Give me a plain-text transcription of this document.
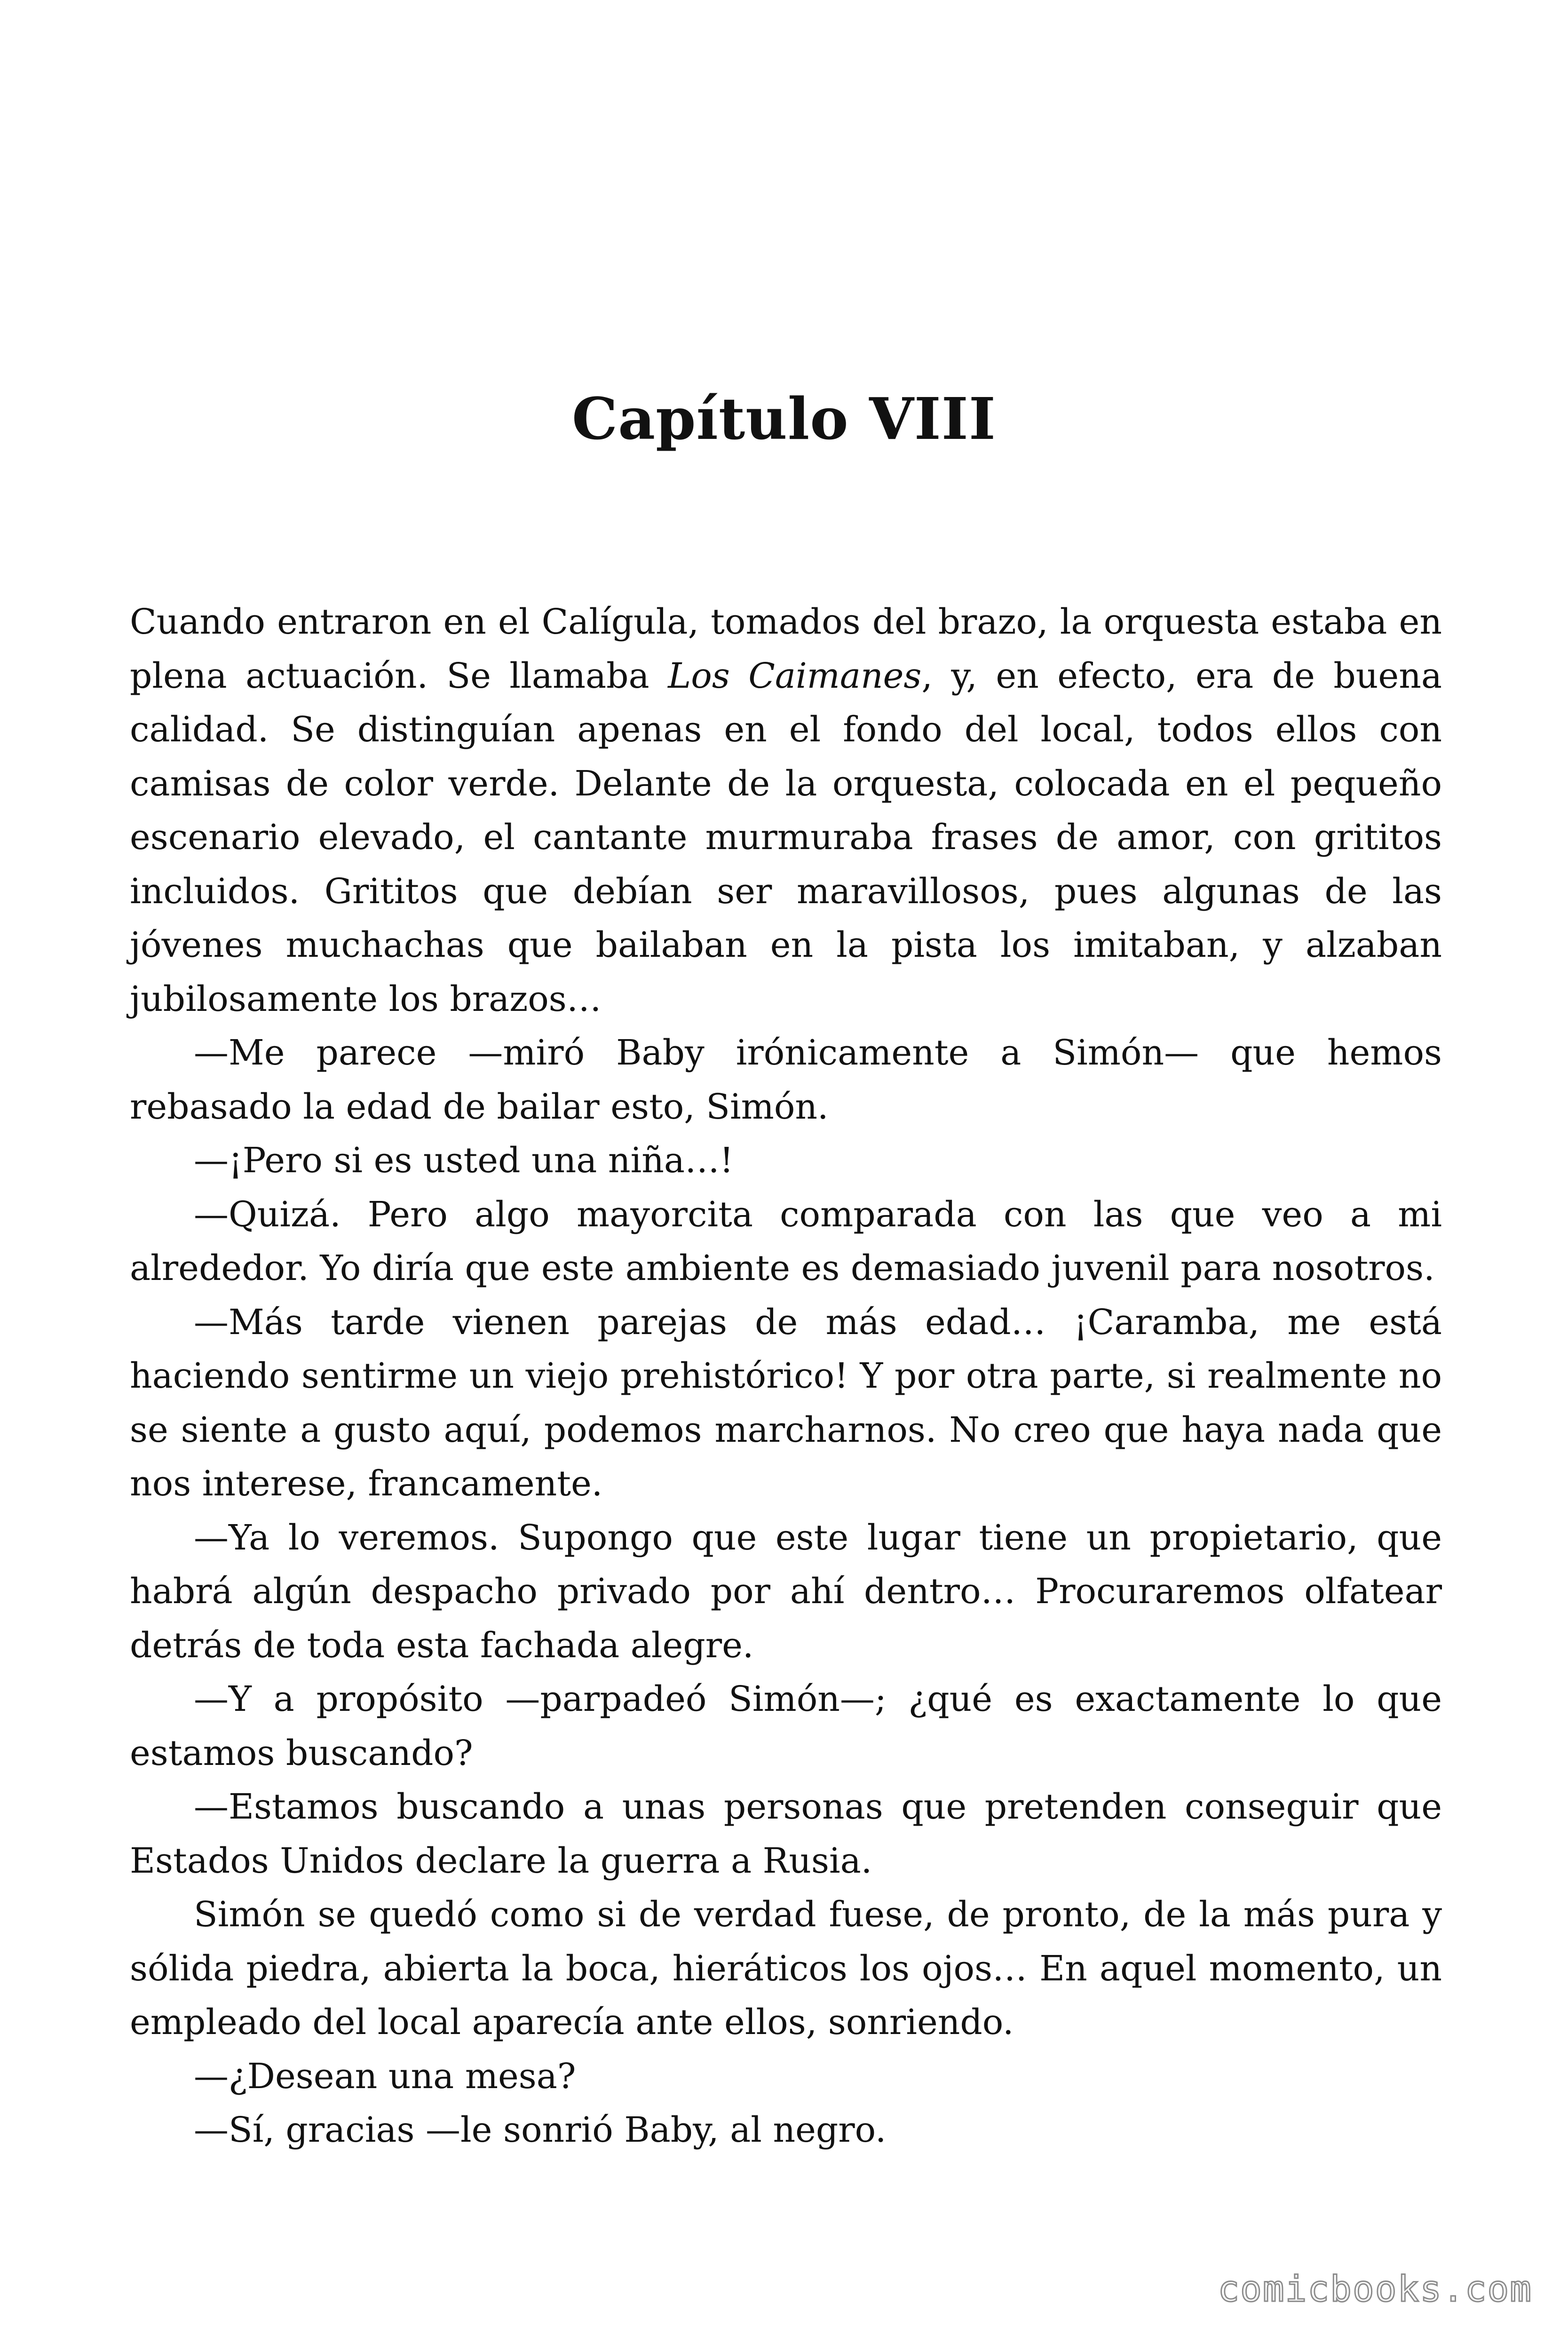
Capítulo VIII

Cuando entraron en el Calígula, tomados del brazo, la orquesta estaba en plena actuación. Se llamaba Los Caimanes, y, en efecto, era de buena calidad. Se distinguían apenas en el fondo del local, todos ellos con camisas de color verde. Delante de la orquesta, colocada en el pequeño escenario elevado, el cantante murmuraba frases de amor, con grititos incluidos. Grititos que debían ser maravillosos, pues algunas de las jóvenes muchachas que bailaban en la pista los imitaban, y alzaban jubilosamente los brazos…

—Me parece —miró Baby irónicamente a Simón— que hemos rebasado la edad de bailar esto, Simón.

—¡Pero si es usted una niña…!

—Quizá. Pero algo mayorcita comparada con las que veo a mi alrededor. Yo diría que este ambiente es demasiado juvenil para nosotros.

—Más tarde vienen parejas de más edad… ¡Caramba, me está haciendo sentirme un viejo prehistórico! Y por otra parte, si realmente no se siente a gusto aquí, podemos marcharnos. No creo que haya nada que nos interese, francamente.

—Ya lo veremos. Supongo que este lugar tiene un propietario, que habrá algún despacho privado por ahí dentro… Procuraremos olfatear detrás de toda esta fachada alegre.

—Y a propósito —parpadeó Simón—; ¿qué es exactamente lo que estamos buscando?

—Estamos buscando a unas personas que pretenden conseguir que Estados Unidos declare la guerra a Rusia.

Simón se quedó como si de verdad fuese, de pronto, de la más pura y sólida piedra, abierta la boca, hieráticos los ojos… En aquel momento, un empleado del local aparecía ante ellos, sonriendo.

—¿Desean una mesa?

—Sí, gracias —le sonrió Baby, al negro.

comicbooks.com
